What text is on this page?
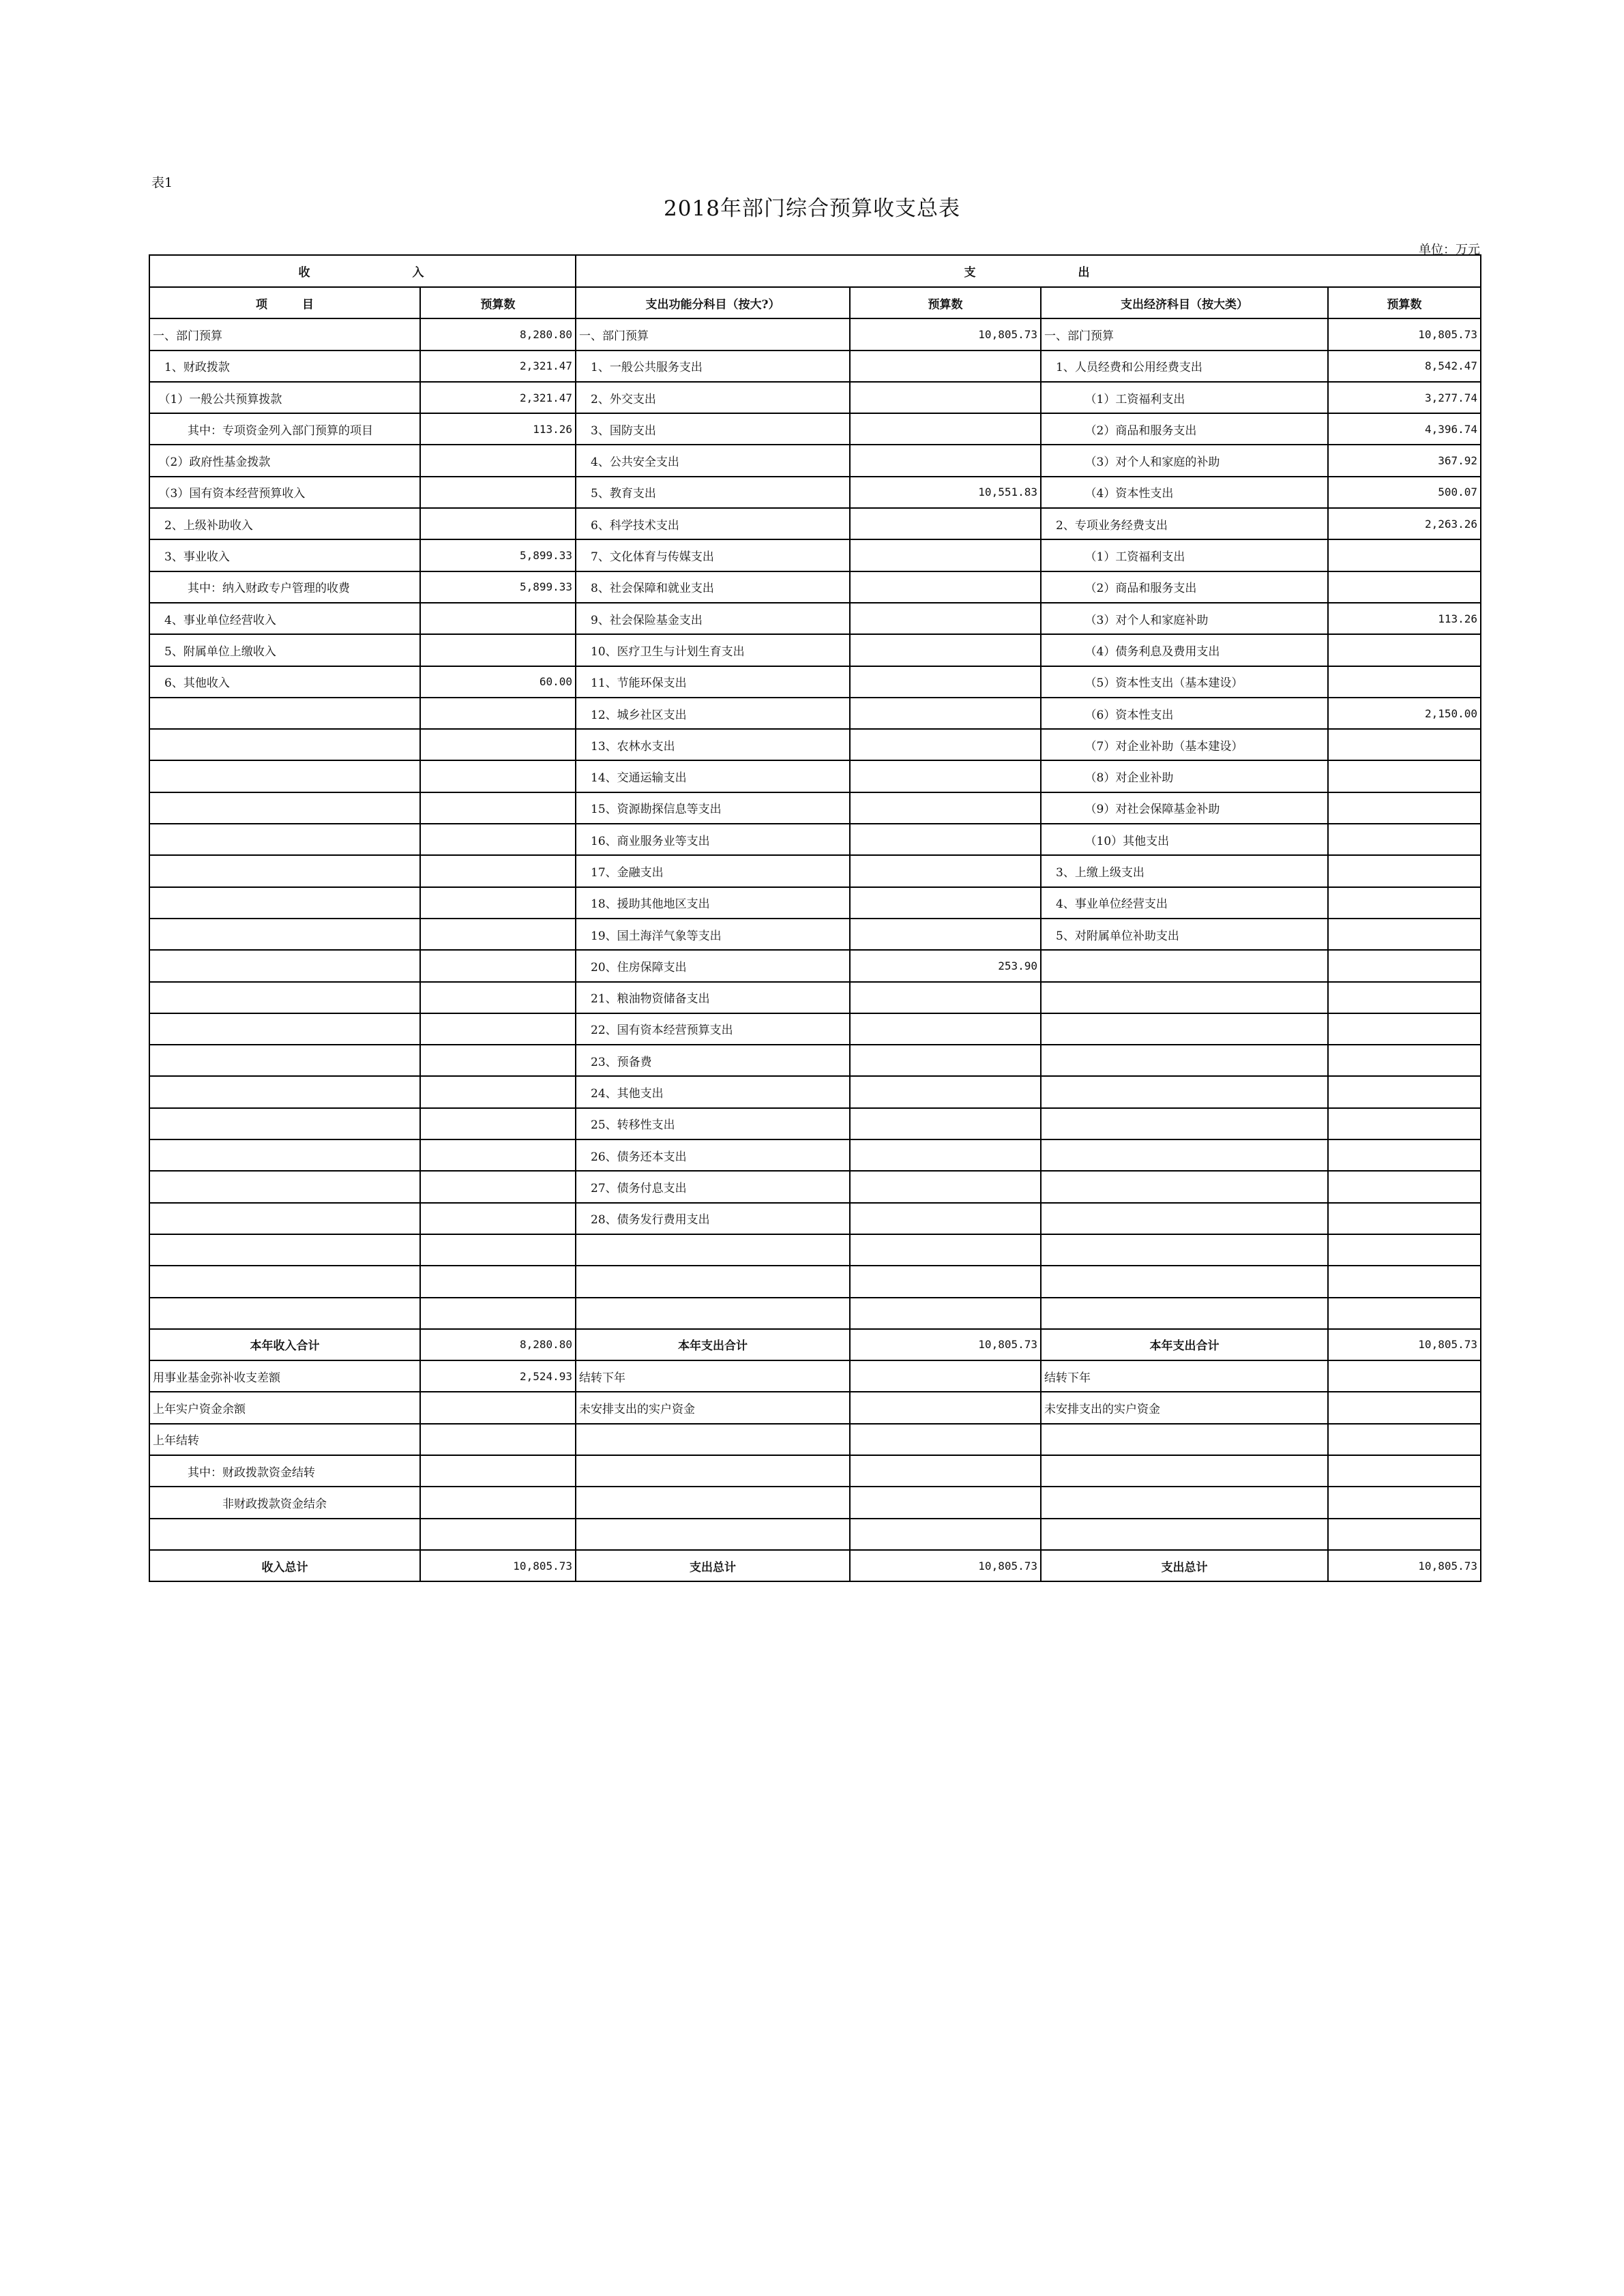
表1
2018年部门综合预算收支总表
单位：万元
收入		支出			
项　　　目	预算数	支出功能分科目（按大?）	预算数	支出经济科目（按大类）	预算数
一、部门预算	8,280.80	一、部门预算	10,805.73	一、部门预算	10,805.73
　1、财政拨款	2,321.47	　1、一般公共服务支出		　1、人员经费和公用经费支出	8,542.47
　（1）一般公共预算拨款	2,321.47	　2、外交支出		　　　　（1）工资福利支出	3,277.74
　　　其中：专项资金列入部门预算的项目	113.26	　3、国防支出		　　　　（2）商品和服务支出	4,396.74
　（2）政府性基金拨款		　4、公共安全支出		　　　　（3）对个人和家庭的补助	367.92
　（3）国有资本经营预算收入		　5、教育支出	10,551.83	　　　　（4）资本性支出	500.07
　2、上级补助收入		　6、科学技术支出		　2、专项业务经费支出	2,263.26
　3、事业收入	5,899.33	　7、文化体育与传媒支出		　　　　（1）工资福利支出	
　　　其中：纳入财政专户管理的收费	5,899.33	　8、社会保障和就业支出		　　　　（2）商品和服务支出	
　4、事业单位经营收入		　9、社会保险基金支出		　　　　（3）对个人和家庭补助	113.26
　5、附属单位上缴收入		　10、医疗卫生与计划生育支出		　　　　（4）债务利息及费用支出	
　6、其他收入	60.00	　11、节能环保支出		　　　　（5）资本性支出（基本建设）	
		　12、城乡社区支出		　　　　（6）资本性支出	2,150.00
		　13、农林水支出		　　　　（7）对企业补助（基本建设）	
		　14、交通运输支出		　　　　（8）对企业补助	
		　15、资源勘探信息等支出		　　　　（9）对社会保障基金补助	
		　16、商业服务业等支出		　　　　（10）其他支出	
		　17、金融支出		　3、上缴上级支出	
		　18、援助其他地区支出		　4、事业单位经营支出	
		　19、国土海洋气象等支出		　5、对附属单位补助支出	
		　20、住房保障支出	253.90		
		　21、粮油物资储备支出			
		　22、国有资本经营预算支出			
		　23、预备费			
		　24、其他支出			
		　25、转移性支出			
		　26、债务还本支出			
		　27、债务付息支出			
		　28、债务发行费用支出			

本年收入合计	8,280.80	本年支出合计	10,805.73	本年支出合计	10,805.73
用事业基金弥补收支差额	2,524.93	结转下年		结转下年	
上年实户资金余额		未安排支出的实户资金		未安排支出的实户资金	
上年结转					
　　　其中：财政拨款资金结转					
　　　　　　非财政拨款资金结余					

收入总计	10,805.73	支出总计	10,805.73	支出总计	10,805.73
